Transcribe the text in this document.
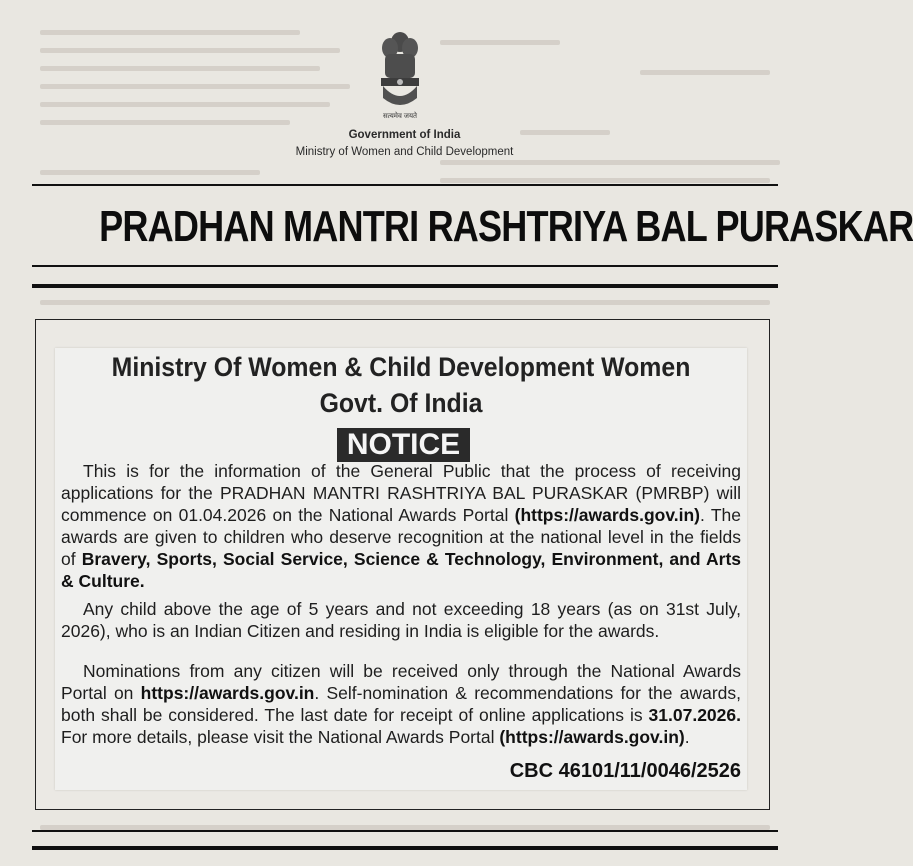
सत्यमेव जयते
Government of India
Ministry of Women and Child Development
PRADHAN MANTRI RASHTRIYA BAL PURASKAR
Ministry Of Women & Child Development Women
Govt. Of India
NOTICE
This is for the information of the General Public that the process of receiving applications for the PRADHAN MANTRI RASHTRIYA BAL PURASKAR (PMRBP) will commence on 01.04.2026 on the National Awards Portal (https://awards.gov.in). The awards are given to children who deserve recognition at the national level in the fields of Bravery, Sports, Social Service, Science & Technology, Environment, and Arts & Culture.
Any child above the age of 5 years and not exceeding 18 years (as on 31st July, 2026), who is an Indian Citizen and residing in India is eligible for the awards.
Nominations from any citizen will be received only through the National Awards Portal on https://awards.gov.in. Self-nomination & recommendations for the awards, both shall be considered. The last date for receipt of online applications is 31.07.2026. For more details, please visit the National Awards Portal (https://awards.gov.in).
CBC 46101/11/0046/2526
